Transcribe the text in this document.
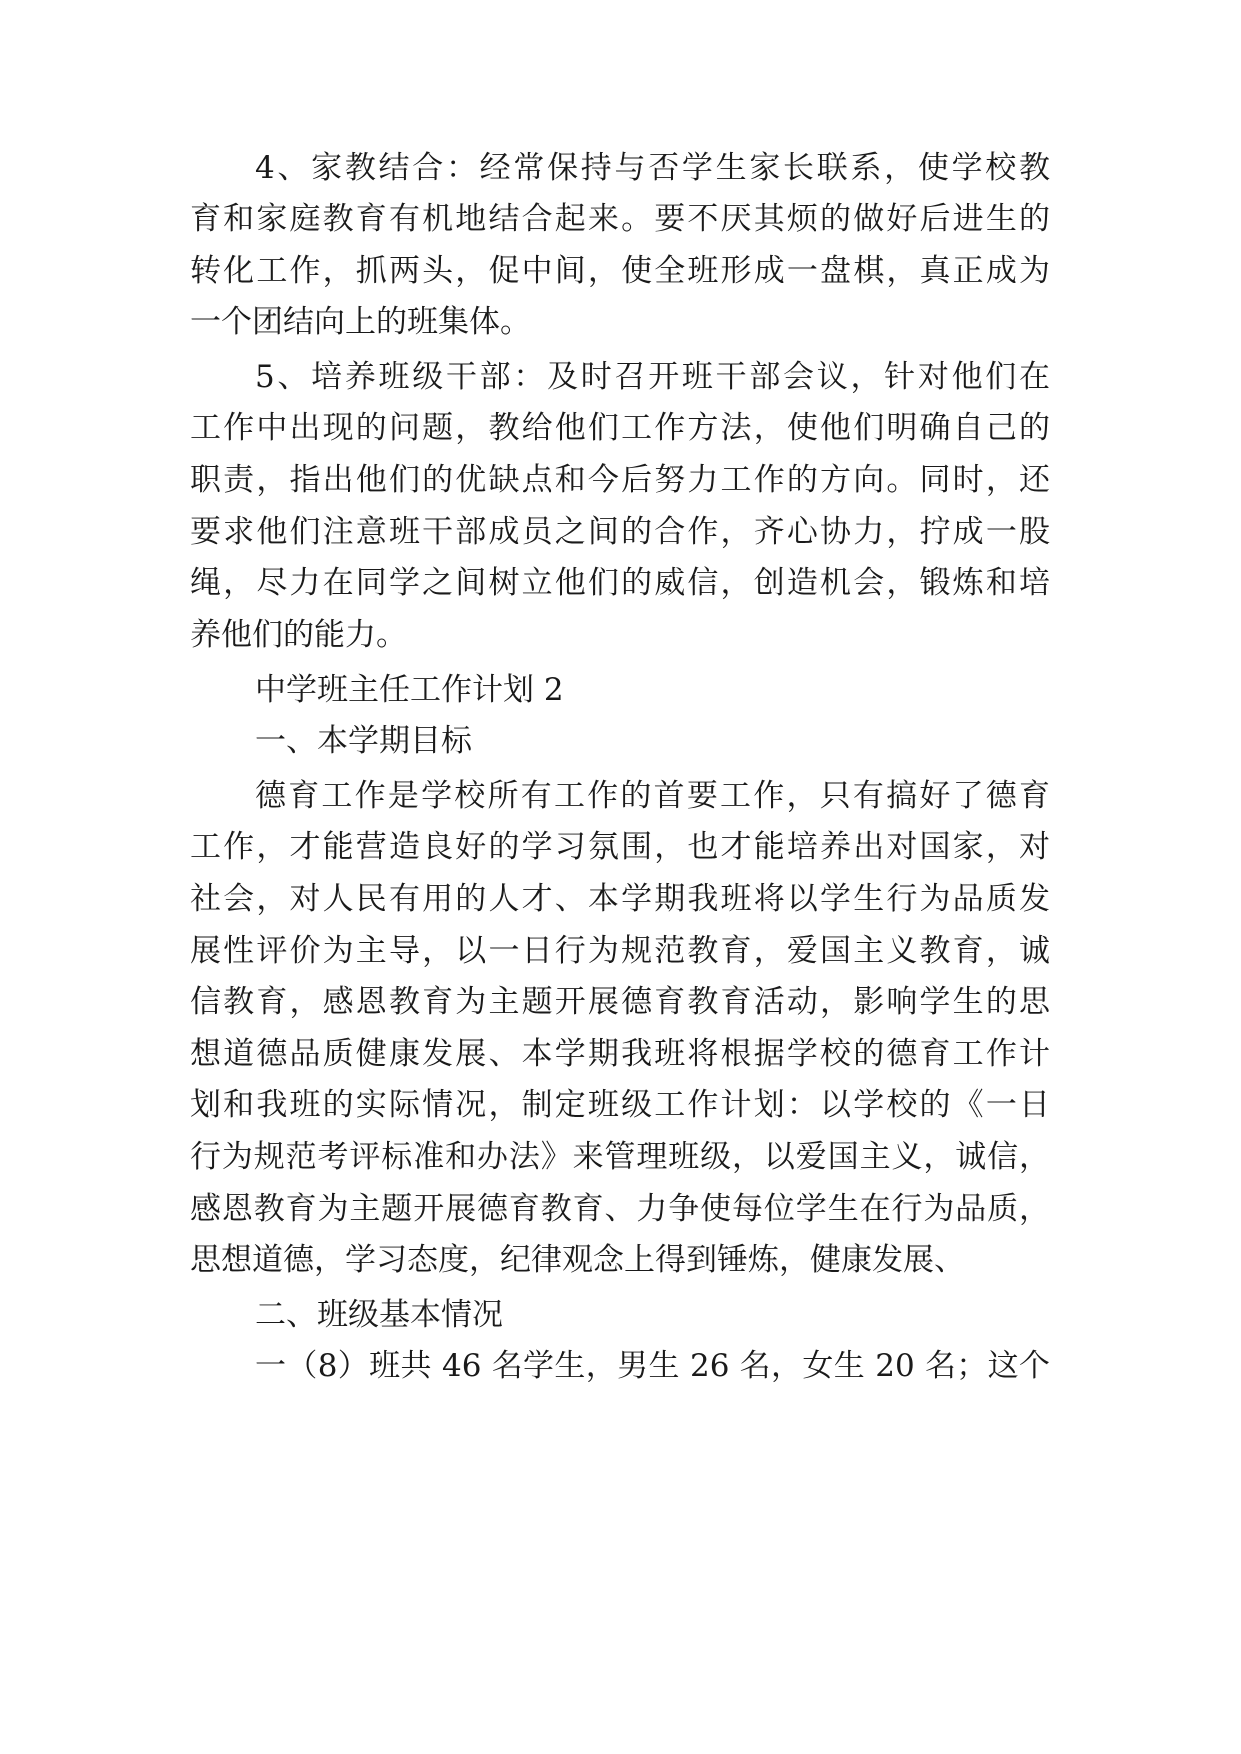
4、家教结合：经常保持与否学生家长联系，使学校教
育和家庭教育有机地结合起来。要不厌其烦的做好后进生的
转化工作，抓两头，促中间，使全班形成一盘棋，真正成为
一个团结向上的班集体。
5、培养班级干部：及时召开班干部会议，针对他们在
工作中出现的问题，教给他们工作方法，使他们明确自己的
职责，指出他们的优缺点和今后努力工作的方向。同时，还
要求他们注意班干部成员之间的合作，齐心协力，拧成一股
绳，尽力在同学之间树立他们的威信，创造机会，锻炼和培
养他们的能力。
中学班主任工作计划 2
一、本学期目标
德育工作是学校所有工作的首要工作，只有搞好了德育
工作，才能营造良好的学习氛围，也才能培养出对国家，对
社会，对人民有用的人才、本学期我班将以学生行为品质发
展性评价为主导，以一日行为规范教育，爱国主义教育，诚
信教育，感恩教育为主题开展德育教育活动，影响学生的思
想道德品质健康发展、本学期我班将根据学校的德育工作计
划和我班的实际情况，制定班级工作计划：以学校的《一日
行为规范考评标准和办法》来管理班级，以爱国主义，诚信，
感恩教育为主题开展德育教育、力争使每位学生在行为品质，
思想道德，学习态度，纪律观念上得到锤炼，健康发展、
二、班级基本情况
一（8）班共 46 名学生，男生 26 名，女生 20 名；这个
